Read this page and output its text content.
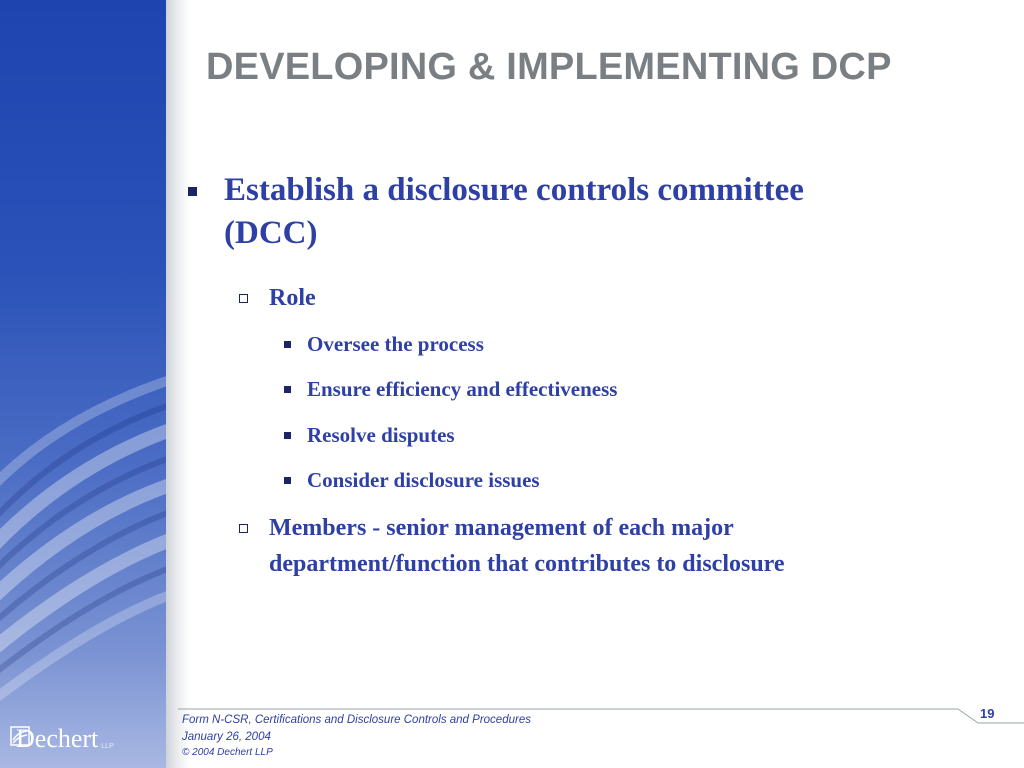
Dechert LLP
DEVELOPING & IMPLEMENTING DCP
Establish a disclosure controls committee
(DCC)
Role
Oversee the process
Ensure efficiency and effectiveness
Resolve disputes
Consider disclosure issues
Members - senior management of each major
department/function that contributes to disclosure
19
Form N-CSR, Certifications and Disclosure Controls and Procedures
January 26, 2004
© 2004 Dechert LLP
